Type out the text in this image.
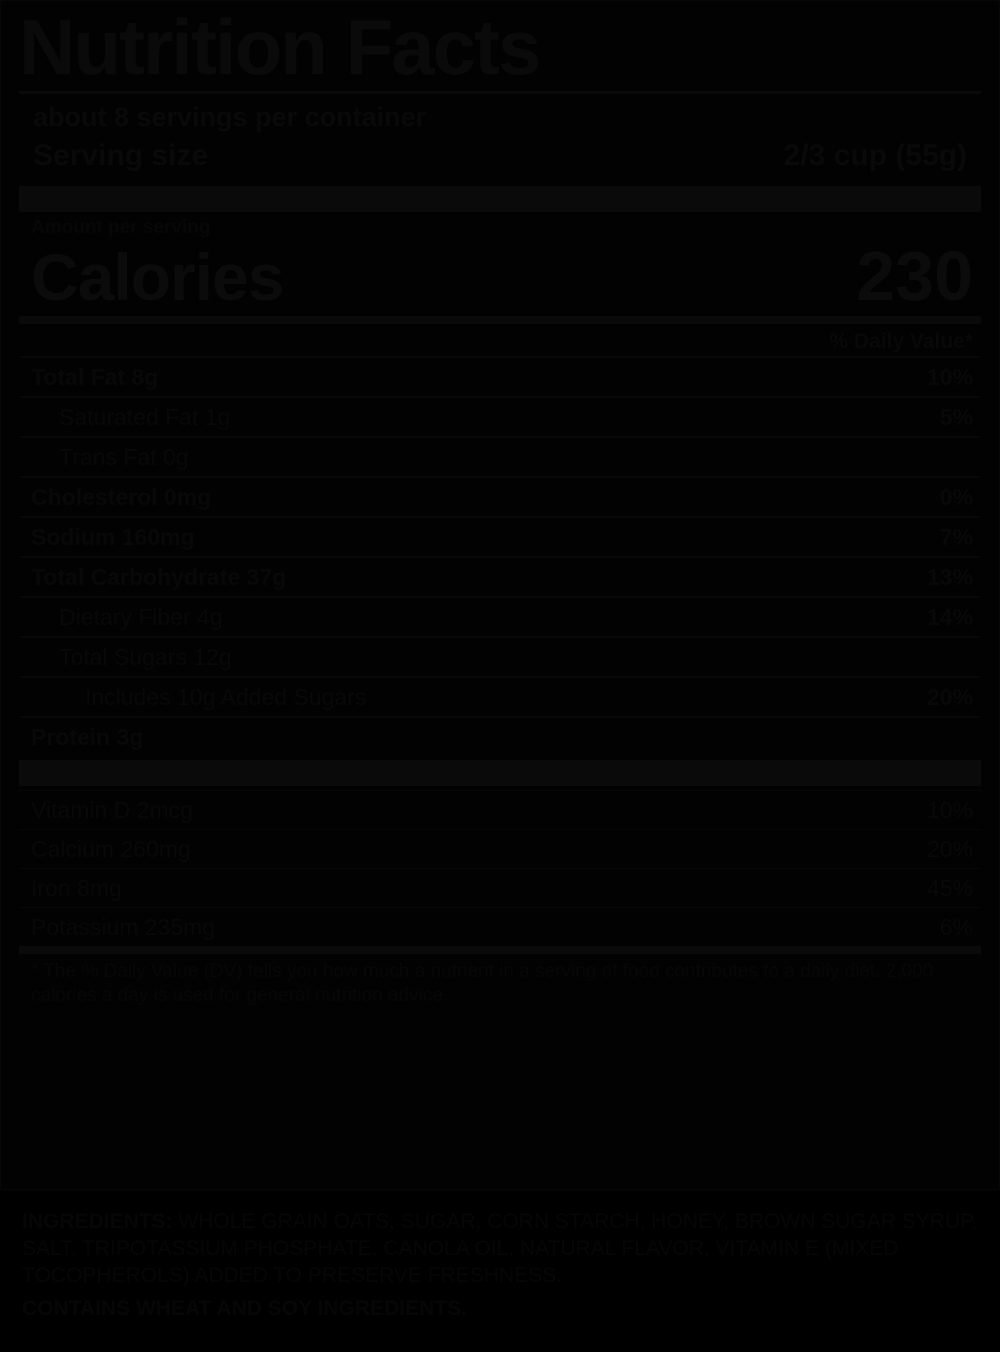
Nutrition Facts
about 8 servings per container
Serving size	2/3 cup (55g)
Amount per serving
Calories	230
% Daily Value*
Total Fat 8g	10%
Saturated Fat 1g	5%
Trans Fat 0g
Cholesterol 0mg	0%
Sodium 160mg	7%
Total Carbohydrate 37g	13%
Dietary Fiber 4g	14%
Total Sugars 12g
Includes 10g Added Sugars	20%
Protein 3g
Vitamin D 2mcg	10%
Calcium 260mg	20%
Iron 8mg	45%
Potassium 235mg	6%
* The % Daily Value (DV) tells you how much a nutrient in a serving of food contributes to a daily diet. 2,000 calories a day is used for general nutrition advice.
INGREDIENTS: WHOLE GRAIN OATS, SUGAR, CORN STARCH, HONEY, BROWN SUGAR SYRUP, SALT, TRIPOTASSIUM PHOSPHATE, CANOLA OIL, NATURAL FLAVOR, VITAMIN E (MIXED TOCOPHEROLS) ADDED TO PRESERVE FRESHNESS.
CONTAINS WHEAT AND SOY INGREDIENTS.
